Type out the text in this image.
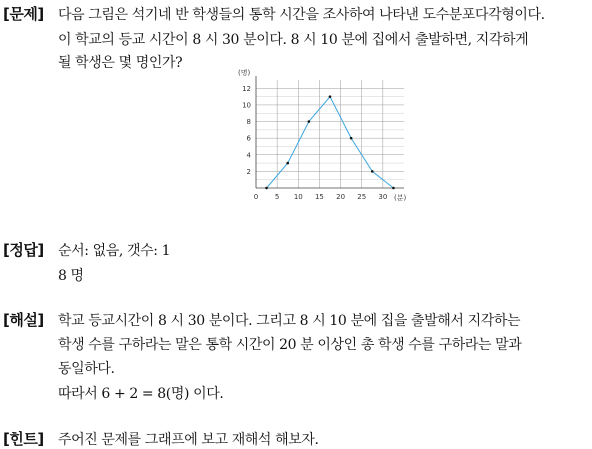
[문제] 다음 그림은 석기네 반 학생들의 통학 시간을 조사하여 나타낸 도수분포다각형이다.
이 학교의 등교 시간이 8 시 30 분이다. 8 시 10 분에 집에서 출발하면, 지각하게
될 학생은 몇 명인가?
2
4
6
8
10
12
0 5 10 15 20 25 30
(명)
(분)
[정답] 순서: 없음, 갯수: 1
8 명
[해설] 학교 등교시간이 8 시 30 분이다. 그리고 8 시 10 분에 집을 출발해서 지각하는
학생 수를 구하라는 말은 통학 시간이 20 분 이상인 총 학생 수를 구하라는 말과
동일하다.
따라서 6 + 2 = 8(명) 이다.
[힌트] 주어진 문제를 그래프에 보고 재해석 해보자.
